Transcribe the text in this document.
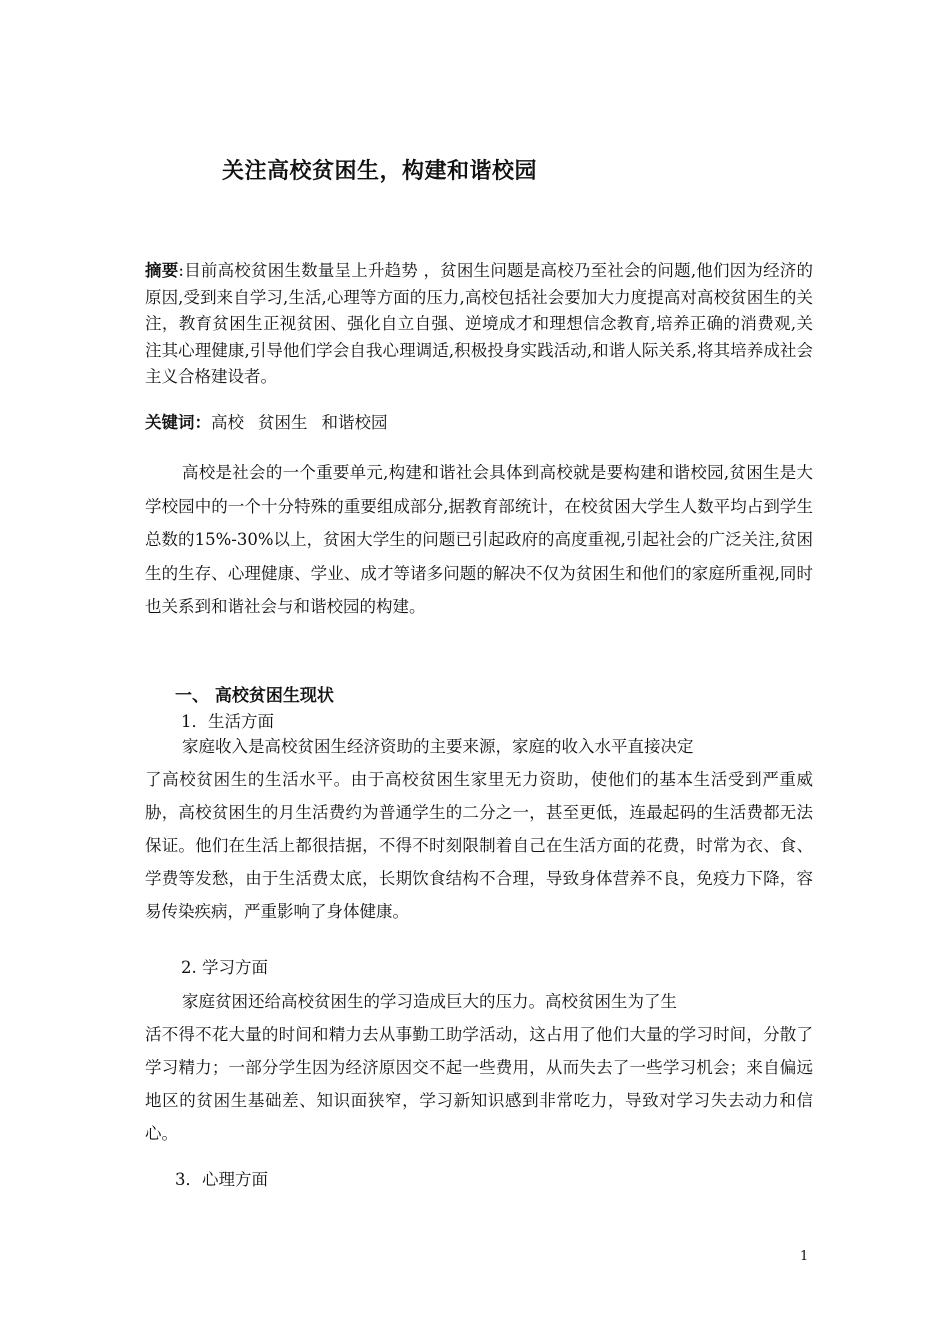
关注高校贫困生，构建和谐校园
摘要:目前高校贫困生数量呈上升趋势 ，贫困生问题是高校乃至社会的问题,他们因为经济的原因,受到来自学习,生活,心理等方面的压力,高校包括社会要加大力度提高对高校贫困生的关注，教育贫困生正视贫困、强化自立自强、逆境成才和理想信念教育,培养正确的消费观,关注其心理健康,引导他们学会自我心理调适,积极投身实践活动,和谐人际关系,将其培养成社会主义合格建设者。
关键词：高校 贫困生 和谐校园
高校是社会的一个重要单元,构建和谐社会具体到高校就是要构建和谐校园,贫困生是大学校园中的一个十分特殊的重要组成部分,据教育部统计，在校贫困大学生人数平均占到学生总数的15%-30%以上，贫困大学生的问题已引起政府的高度重视,引起社会的广泛关注,贫困生的生存、心理健康、学业、成才等诸多问题的解决不仅为贫困生和他们的家庭所重视,同时也关系到和谐社会与和谐校园的构建。
一、 高校贫困生现状
1．生活方面
家庭收入是高校贫困生经济资助的主要来源，家庭的收入水平直接决定
了高校贫困生的生活水平。由于高校贫困生家里无力资助，使他们的基本生活受到严重威胁，高校贫困生的月生活费约为普通学生的二分之一，甚至更低，连最起码的生活费都无法保证。他们在生活上都很拮据，不得不时刻限制着自己在生活方面的花费，时常为衣、食、学费等发愁，由于生活费太底，长期饮食结构不合理，导致身体营养不良，免疫力下降，容易传染疾病，严重影响了身体健康。
2. 学习方面
家庭贫困还给高校贫困生的学习造成巨大的压力。高校贫困生为了生
活不得不花大量的时间和精力去从事勤工助学活动，这占用了他们大量的学习时间，分散了学习精力；一部分学生因为经济原因交不起一些费用，从而失去了一些学习机会；来自偏远地区的贫困生基础差、知识面狭窄，学习新知识感到非常吃力，导致对学习失去动力和信心。
3．心理方面
1
